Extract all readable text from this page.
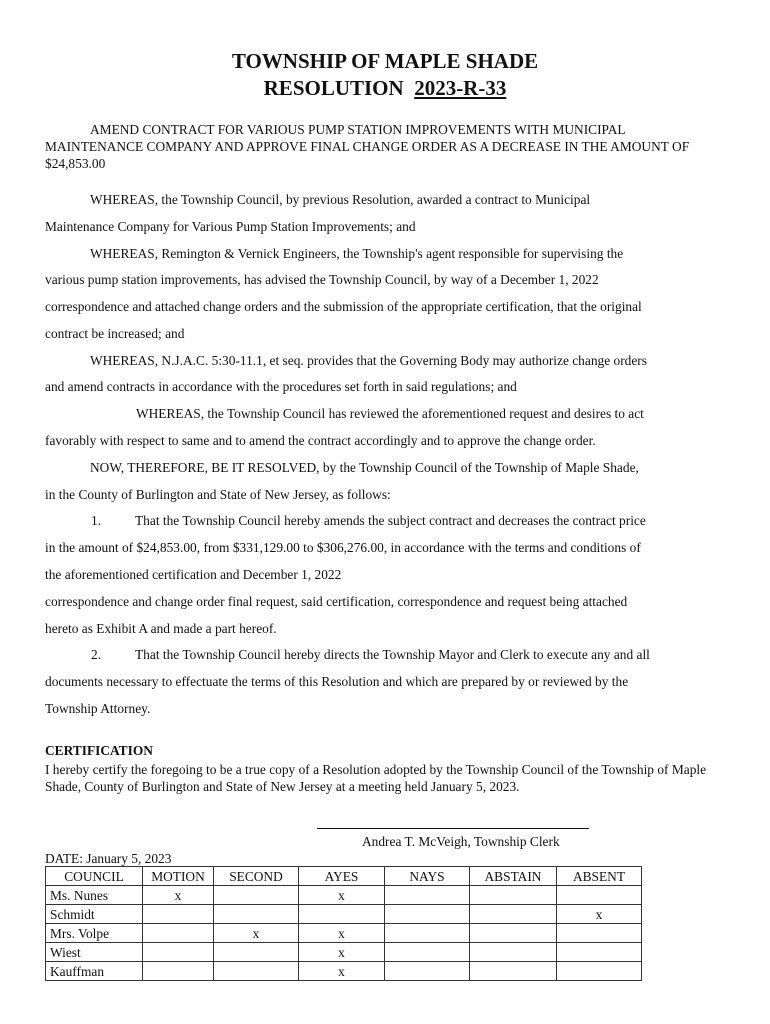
TOWNSHIP OF MAPLE SHADE
RESOLUTION 2023-R-33
AMEND CONTRACT FOR VARIOUS PUMP STATION IMPROVEMENTS WITH MUNICIPAL MAINTENANCE COMPANY AND APPROVE FINAL CHANGE ORDER AS A DECREASE IN THE AMOUNT OF $24,853.00
WHEREAS, the Township Council, by previous Resolution, awarded a contract to Municipal
Maintenance Company for Various Pump Station Improvements; and
WHEREAS, Remington & Vernick Engineers, the Township's agent responsible for supervising the
various pump station improvements, has advised the Township Council, by way of a December 1, 2022
correspondence and attached change orders and the submission of the appropriate certification, that the original
contract be increased; and
WHEREAS, N.J.A.C. 5:30-11.1, et seq. provides that the Governing Body may authorize change orders
and amend contracts in accordance with the procedures set forth in said regulations; and
WHEREAS, the Township Council has reviewed the aforementioned request and desires to act
favorably with respect to same and to amend the contract accordingly and to approve the change order.
NOW, THEREFORE, BE IT RESOLVED, by the Township Council of the Township of Maple Shade,
in the County of Burlington and State of New Jersey, as follows:
1.	That the Township Council hereby amends the subject contract and decreases the contract price
in the amount of $24,853.00, from $331,129.00 to $306,276.00, in accordance with the terms and conditions of
the aforementioned certification and December 1, 2022
correspondence and change order final request, said certification, correspondence and request being attached
hereto as Exhibit A and made a part hereof.
2.	That the Township Council hereby directs the Township Mayor and Clerk to execute any and all
documents necessary to effectuate the terms of this Resolution and which are prepared by or reviewed by the
Township Attorney.
CERTIFICATION
I hereby certify the foregoing to be a true copy of a Resolution adopted by the Township Council of the Township of Maple Shade, County of Burlington and State of New Jersey at a meeting held January 5, 2023.
Andrea T. McVeigh, Township Clerk
DATE: January 5, 2023
COUNCIL	MOTION	SECOND	AYES	NAYS	ABSTAIN	ABSENT
Ms. Nunes	x		x			
Schmidt						x
Mrs. Volpe		x	x			
Wiest			x			
Kauffman			x			
